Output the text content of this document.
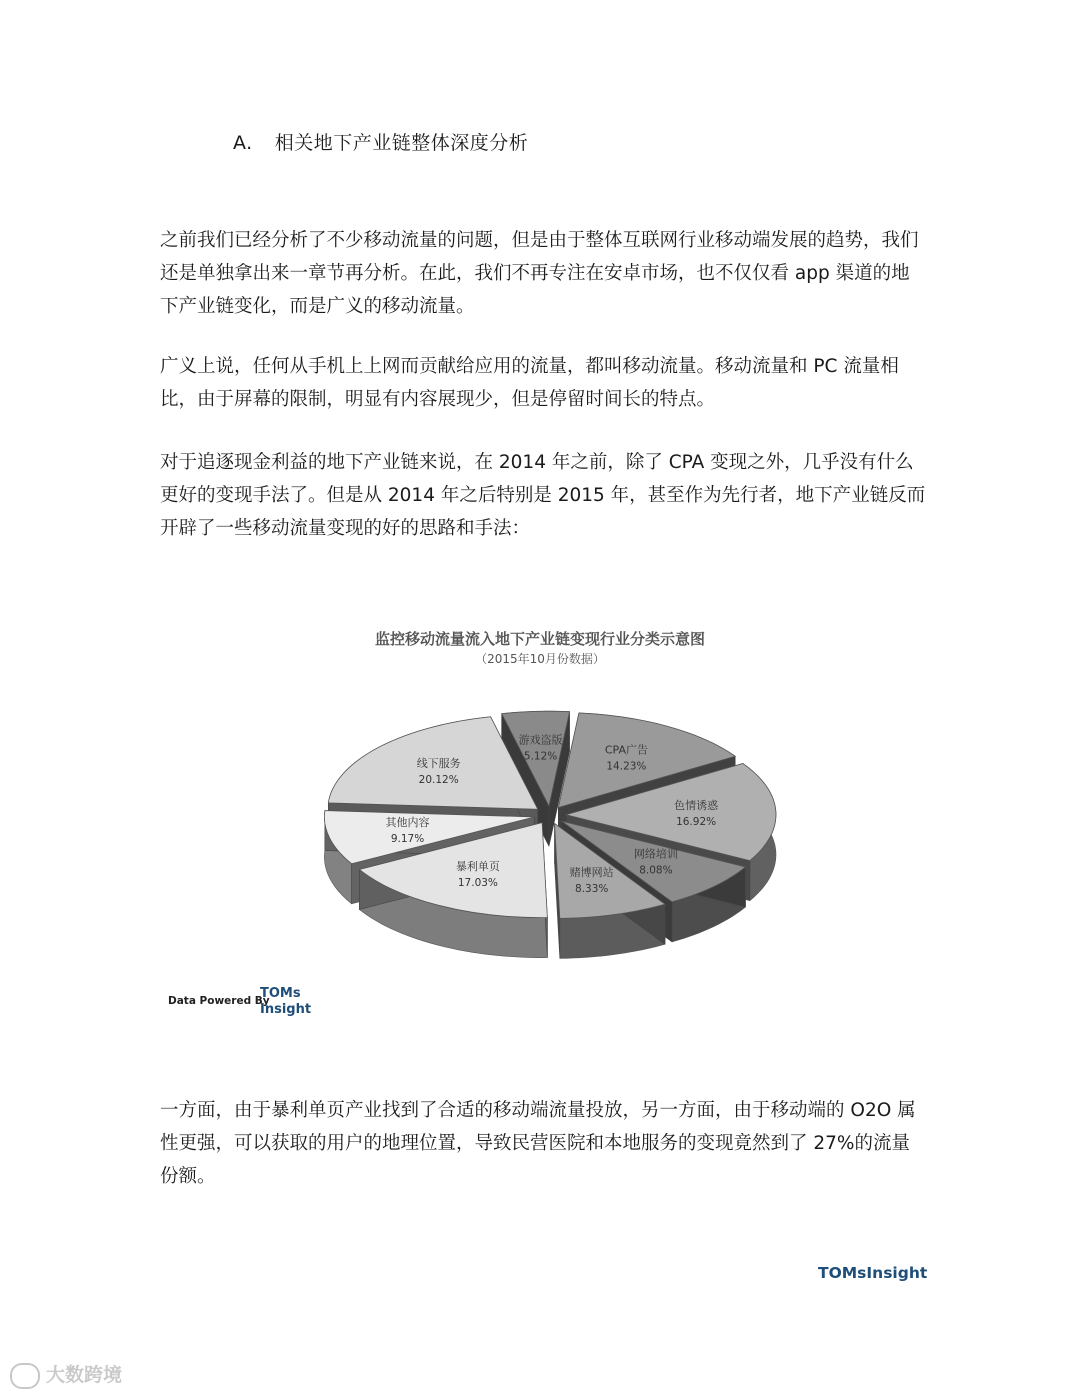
A. 相关地下产业链整体深度分析

之前我们已经分析了不少移动流量的问题，但是由于整体互联网行业移动端发展的趋势，我们
还是单独拿出来一章节再分析。在此，我们不再专注在安卓市场，也不仅仅看 app 渠道的地
下产业链变化，而是广义的移动流量。

广义上说，任何从手机上上网而贡献给应用的流量，都叫移动流量。移动流量和 PC 流量相
比，由于屏幕的限制，明显有内容展现少，但是停留时间长的特点。

对于追逐现金利益的地下产业链来说，在 2014 年之前，除了 CPA 变现之外，几乎没有什么
更好的变现手法了。但是从 2014 年之后特别是 2015 年，甚至作为先行者，地下产业链反而
开辟了一些移动流量变现的好的思路和手法：

监控移动流量流入地下产业链变现行业分类示意图
（2015年10月份数据）
游戏盗版
5.12%
CPA广告
14.23%
线下服务
20.12%
色情诱惑
16.92%
其他内容
9.17%
网络培训
8.08%
暴利单页
17.03%
赌博网站
8.33%
Data Powered By
TOMs
Insight

一方面，由于暴利单页产业找到了合适的移动端流量投放，另一方面，由于移动端的 O2O 属
性更强，可以获取的用户的地理位置，导致民营医院和本地服务的变现竟然到了 27%的流量
份额。

TOMsInsight
大数跨境
